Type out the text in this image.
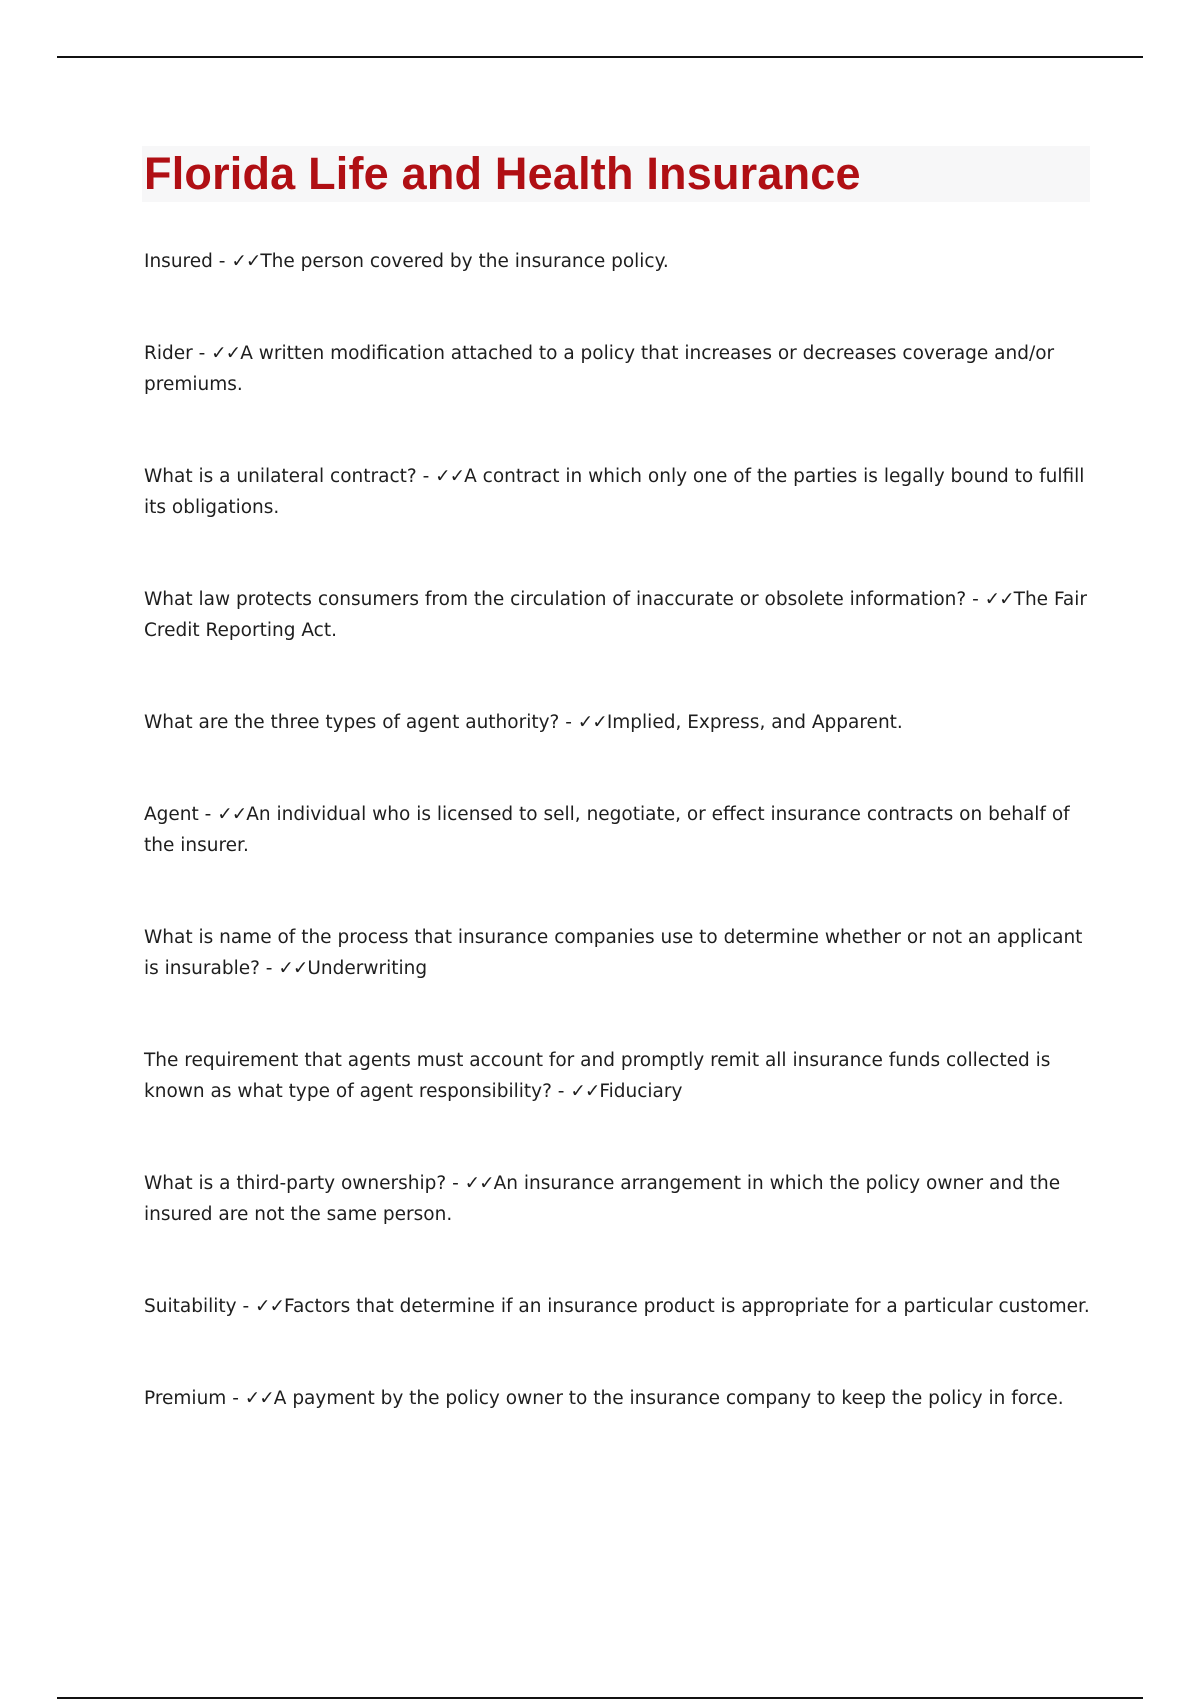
Florida Life and Health Insurance

Insured - ✓✓The person covered by the insurance policy.

Rider - ✓✓A written modification attached to a policy that increases or decreases coverage and/or premiums.

What is a unilateral contract? - ✓✓A contract in which only one of the parties is legally bound to fulfill its obligations.

What law protects consumers from the circulation of inaccurate or obsolete information? - ✓✓The Fair Credit Reporting Act.

What are the three types of agent authority? - ✓✓Implied, Express, and Apparent.

Agent - ✓✓An individual who is licensed to sell, negotiate, or effect insurance contracts on behalf of the insurer.

What is name of the process that insurance companies use to determine whether or not an applicant is insurable? - ✓✓Underwriting

The requirement that agents must account for and promptly remit all insurance funds collected is known as what type of agent responsibility? - ✓✓Fiduciary

What is a third-party ownership? - ✓✓An insurance arrangement in which the policy owner and the insured are not the same person.

Suitability - ✓✓Factors that determine if an insurance product is appropriate for a particular customer.

Premium - ✓✓A payment by the policy owner to the insurance company to keep the policy in force.
